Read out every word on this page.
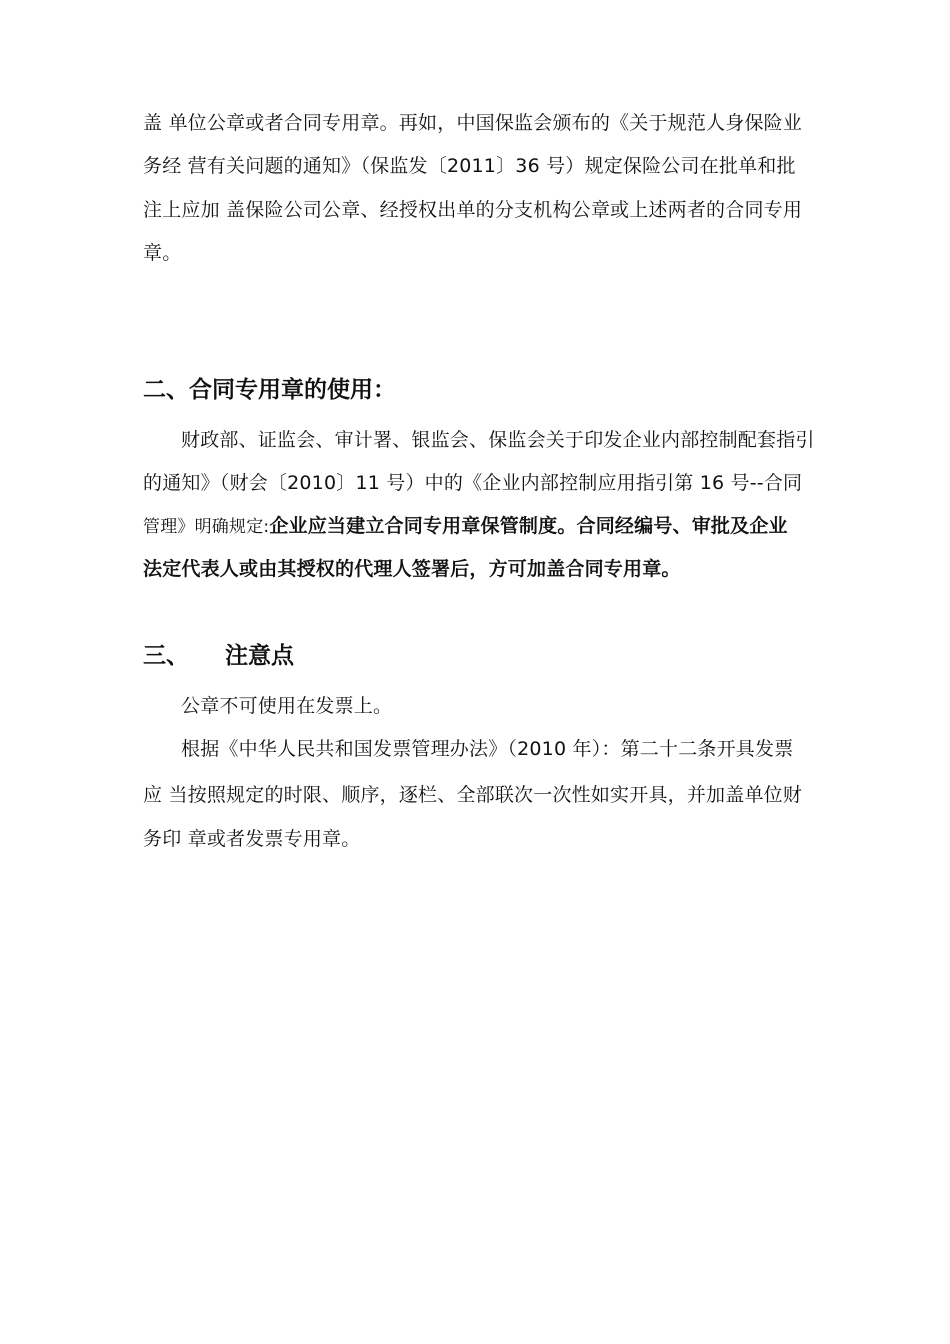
盖 单位公章或者合同专用章。再如，中国保监会颁布的《关于规范人身保险业
务经 营有关问题的通知》（保监发〔2011〕36 号）规定保险公司在批单和批
注上应加 盖保险公司公章、经授权出单的分支机构公章或上述两者的合同专用
章。
二、合同专用章的使用：
财政部、证监会、审计署、银监会、保监会关于印发企业内部控制配套指引
的通知》（财会〔2010〕11 号）中的《企业内部控制应用指引第 16 号--合同
管理》明确规定:企业应当建立合同专用章保管制度。合同经编号、审批及企业
法定代表人或由其授权的代理人签署后，方可加盖合同专用章。
三、 注意点
公章不可使用在发票上。
根据《中华人民共和国发票管理办法》（2010 年）：第二十二条开具发票
应 当按照规定的时限、顺序，逐栏、全部联次一次性如实开具，并加盖单位财
务印 章或者发票专用章。
